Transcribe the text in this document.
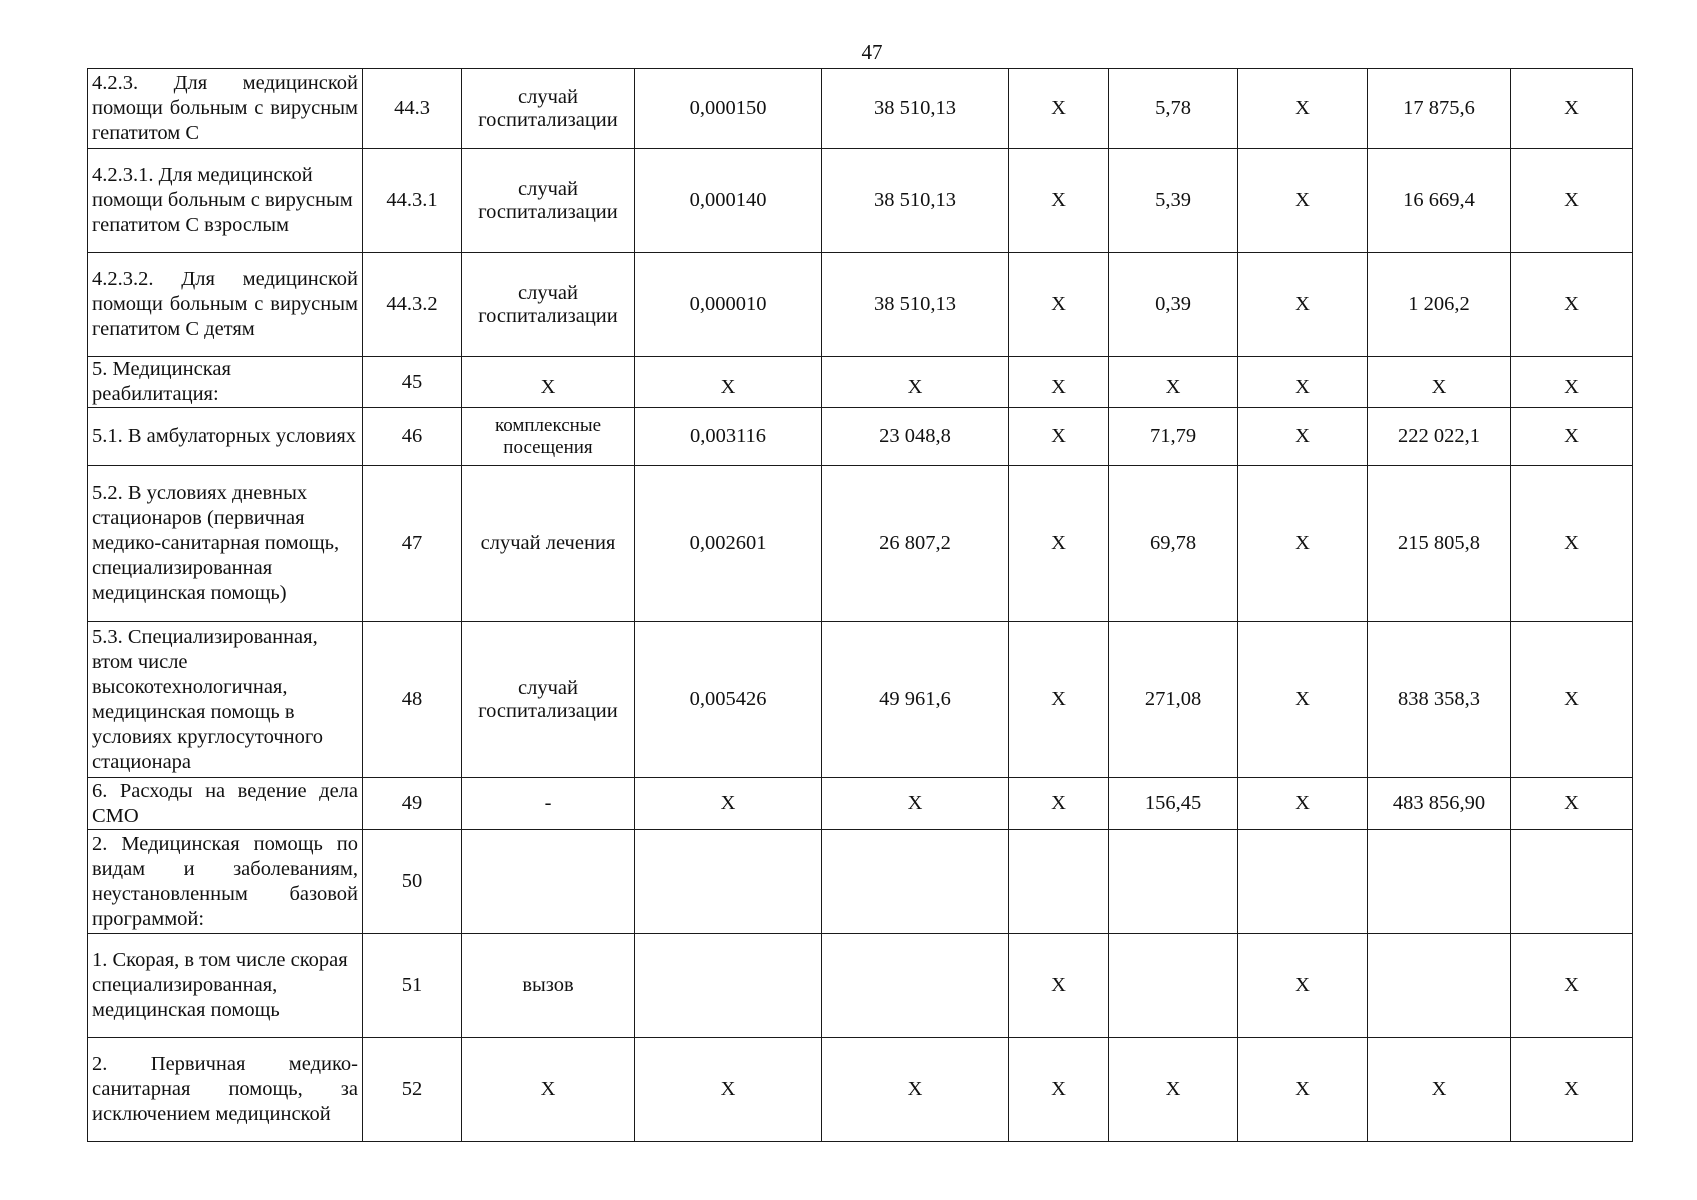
47
4.2.3. Для медицинской помощи больным с вирусным гепатитом С	44.3	случай госпитализации	0,000150	38 510,13	X	5,78	X	17 875,6	X
4.2.3.1. Для медицинской помощи больным с вирусным гепатитом С взрослым	44.3.1	случай госпитализации	0,000140	38 510,13	X	5,39	X	16 669,4	X
4.2.3.2. Для медицинской помощи больным с вирусным гепатитом С детям	44.3.2	случай госпитализации	0,000010	38 510,13	X	0,39	X	1 206,2	X
5. Медицинская реабилитация:	45	X	X	X	X	X	X	X	X
5.1. В амбулаторных условиях	46	комплексные посещения	0,003116	23 048,8	X	71,79	X	222 022,1	X
5.2. В условиях дневных стационаров (первичная медико-санитарная помощь, специализированная медицинская помощь)	47	случай лечения	0,002601	26 807,2	X	69,78	X	215 805,8	X
5.3. Специализированная, втом числе высокотехнологичная, медицинская помощь в условиях круглосуточного стационара	48	случай госпитализации	0,005426	49 961,6	X	271,08	X	838 358,3	X
6. Расходы на ведение дела СМО	49	-	X	X	X	156,45	X	483 856,90	X
2. Медицинская помощь по видам и заболеваниям, неустановленным базовой программой:	50								
1. Скорая, в том числе скорая специализированная, медицинская помощь	51	вызов			X		X		X
2. Первичная медико-санитарная помощь, за исключением медицинской	52	X	X	X	X	X	X	X	X
